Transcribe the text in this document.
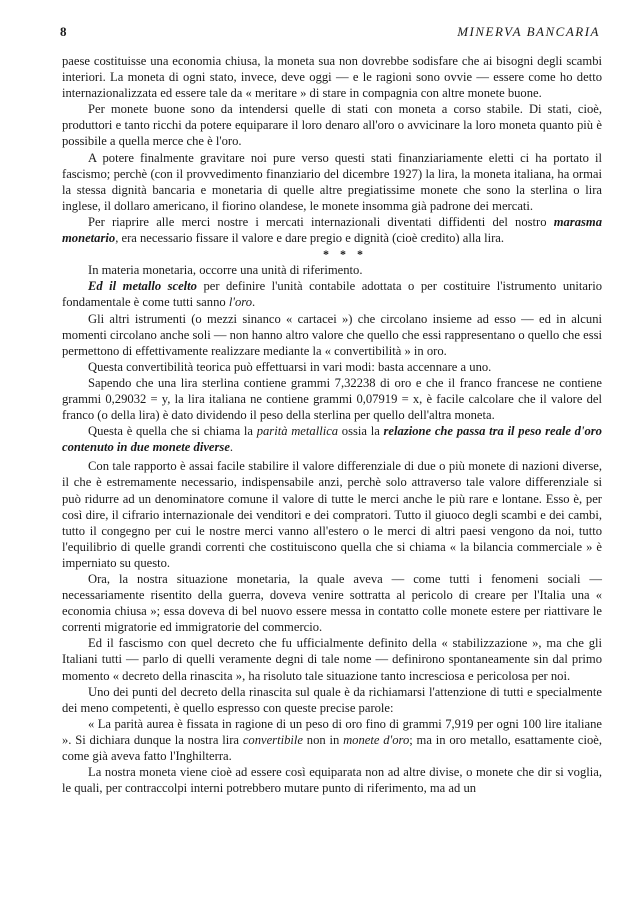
8	MINERVA BANCARIA

paese costituisse una economia chiusa, la moneta sua non dovrebbe sodisfare che ai bisogni degli scambi interiori. La moneta di ogni stato, invece, deve oggi — e le ragioni sono ovvie — essere come ho detto internazionalizzata ed essere tale da « meritare » di stare in compagnia con altre monete buone.

Per monete buone sono da intendersi quelle di stati con moneta a corso stabile. Di stati, cioè, produttori e tanto ricchi da potere equiparare il loro denaro all'oro o avvicinare la loro moneta quanto più è possibile a quella merce che è l'oro.

A potere finalmente gravitare noi pure verso questi stati finanziariamente eletti ci ha portato il fascismo; perchè (con il provvedimento finanziario del dicembre 1927) la lira, la moneta italiana, ha ormai la stessa dignità bancaria e monetaria di quelle altre pregiatissime monete che sono la sterlina o lira inglese, il dollaro americano, il fiorino olandese, le monete insomma già padrone dei mercati.

Per riaprire alle merci nostre i mercati internazionali diventati diffidenti del nostro marasma monetario, era necessario fissare il valore e dare pregio e dignità (cioè credito) alla lira.

* * *

In materia monetaria, occorre una unità di riferimento.

Ed il metallo scelto per definire l'unità contabile adottata o per costituire l'istrumento unitario fondamentale è come tutti sanno l'oro.

Gli altri istrumenti (o mezzi sinanco « cartacei ») che circolano insieme ad esso — ed in alcuni momenti circolano anche soli — non hanno altro valore che quello che essi rappresentano o quello che essi permettono di effettivamente realizzare mediante la « convertibilità » in oro.

Questa convertibilità teorica può effettuarsi in vari modi: basta accennare a uno.

Sapendo che una lira sterlina contiene grammi 7,32238 di oro e che il franco francese ne contiene grammi 0,29032 = y, la lira italiana ne contiene grammi 0,07919 = x, è facile calcolare che il valore del franco (o della lira) è dato dividendo il peso della sterlina per quello dell'altra moneta.

Questa è quella che si chiama la parità metallica ossia la relazione che passa tra il peso reale d'oro contenuto in due monete diverse.

Con tale rapporto è assai facile stabilire il valore differenziale di due o più monete di nazioni diverse, il che è estremamente necessario, indispensabile anzi, perchè solo attraverso tale valore differenziale si può ridurre ad un denominatore comune il valore di tutte le merci anche le più rare e lontane. Esso è, per così dire, il cifrario internazionale dei venditori e dei compratori. Tutto il giuoco degli scambi e dei cambi, tutto il congegno per cui le nostre merci vanno all'estero o le merci di altri paesi vengono da noi, tutto l'equilibrio di quelle grandi correnti che costituiscono quella che si chiama « la bilancia commerciale » è imperniato su questo.

Ora, la nostra situazione monetaria, la quale aveva — come tutti i fenomeni sociali — necessariamente risentito della guerra, doveva venire sottratta al pericolo di creare per l'Italia una « economia chiusa »; essa doveva di bel nuovo essere messa in contatto colle monete estere per riattivare le correnti migratorie ed immigratorie del commercio.

Ed il fascismo con quel decreto che fu ufficialmente definito della « stabilizzazione », ma che gli Italiani tutti — parlo di quelli veramente degni di tale nome — definirono spontaneamente sin dal primo momento « decreto della rinascita », ha risoluto tale situazione tanto incresciosa e pericolosa per noi.

Uno dei punti del decreto della rinascita sul quale è da richiamarsi l'attenzione di tutti e specialmente dei meno competenti, è quello espresso con queste precise parole:

« La parità aurea è fissata in ragione di un peso di oro fino di grammi 7,919 per ogni 100 lire italiane ». Si dichiara dunque la nostra lira convertibile non in monete d'oro; ma in oro metallo, esattamente cioè, come già aveva fatto l'Inghilterra.

La nostra moneta viene cioè ad essere così equiparata non ad altre divise, o monete che dir si voglia, le quali, per contraccolpi interni potrebbero mutare punto di riferimento, ma ad un
